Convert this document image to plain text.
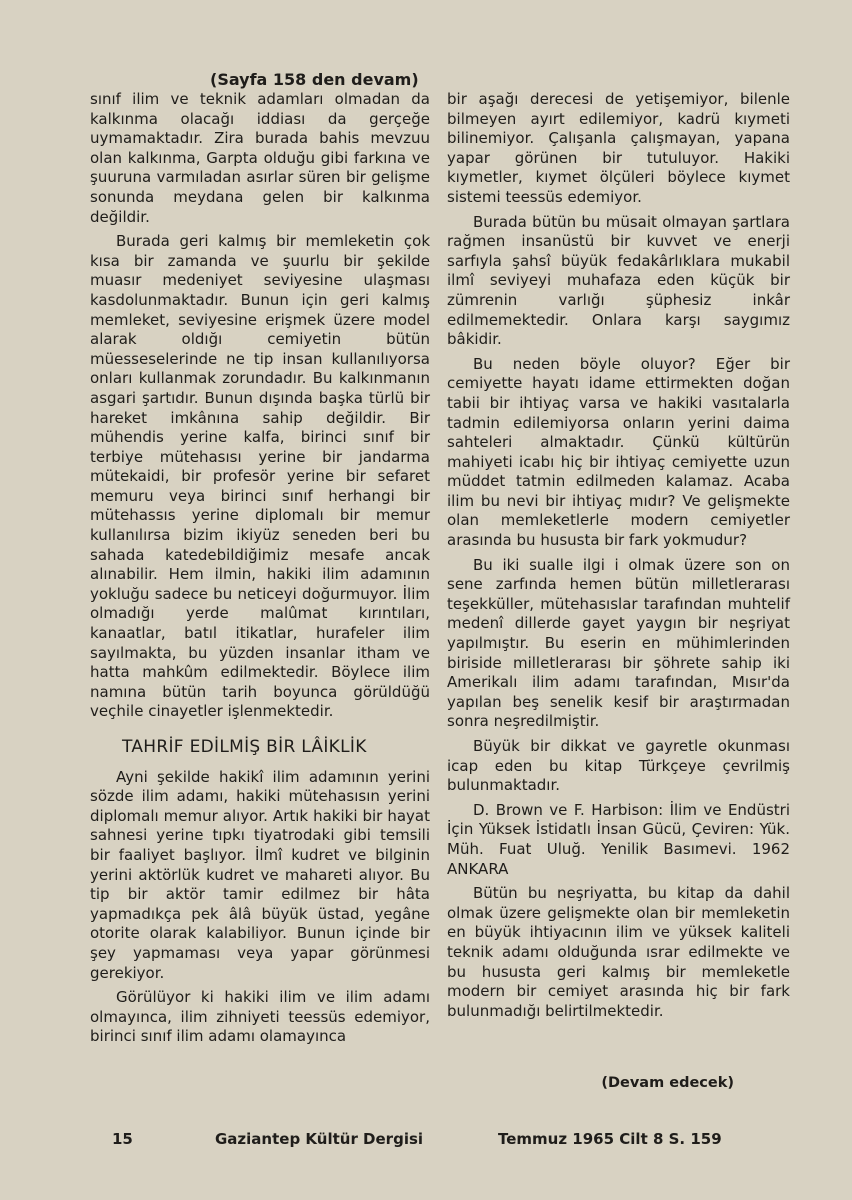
(Sayfa 158 den devam)

sınıf ilim ve teknik adamları olmadan da kalkınma olacağı iddiası da gerçeğe uymamaktadır. Zira burada bahis mevzuu olan kalkınma, Garpta olduğu gibi farkına ve şuuruna varmıladan asırlar süren bir gelişme sonunda meydana gelen bir kalkınma değildir.

Burada geri kalmış bir memleketin çok kısa bir zamanda ve şuurlu bir şekilde muasır medeniyet seviyesine ulaşması kasdolunmaktadır. Bunun için geri kalmış memleket, seviyesine erişmek üzere model alarak oldığı cemiyetin bütün müesseselerinde ne tip insan kullanılıyorsa onları kullanmak zorundadır. Bu kalkınmanın asgari şartıdır. Bunun dışında başka türlü bir hareket imkânına sahip değildir. Bir mühendis yerine kalfa, birinci sınıf bir terbiye mütehasısı yerine bir jandarma mütekaidi, bir profesör yerine bir sefaret memuru veya birinci sınıf herhangi bir mütehassıs yerine diplomalı bir memur kullanılırsa bizim ikiyüz seneden beri bu sahada katedebildiğimiz mesafe ancak alınabilir. Hem ilmin, hakiki ilim adamının yokluğu sadece bu neticeyi doğurmuyor. İlim olmadığı yerde malûmat kırıntıları, kanaatlar, batıl itikatlar, hurafeler ilim sayılmakta, bu yüzden insanlar itham ve hatta mahkûm edilmektedir. Böylece ilim namına bütün tarih boyunca görüldüğü veçhile cinayetler işlenmektedir.

TAHRİF EDİLMİŞ BİR LÂİKLİK

Ayni şekilde hakikî ilim adamının yerini sözde ilim adamı, hakiki mütehasısın yerini diplomalı memur alıyor. Artık hakiki bir hayat sahnesi yerine tıpkı tiyatrodaki gibi temsili bir faaliyet başlıyor. İlmî kudret ve bilginin yerini aktörlük kudret ve mahareti alıyor. Bu tip bir aktör tamir edilmez bir hâta yapmadıkça pek âlâ büyük üstad, yegâne otorite olarak kalabiliyor. Bunun içinde bir şey yapmaması veya yapar görünmesi gerekiyor.

Görülüyor ki hakiki ilim ve ilim adamı olmayınca, ilim zihniyeti teessüs edemiyor, birinci sınıf ilim adamı olamayınca

bir aşağı derecesi de yetişemiyor, bilenle bilmeyen ayırt edilemiyor, kadrü kıymeti bilinemiyor. Çalışanla çalışmayan, yapana yapar görünen bir tutuluyor. Hakiki kıymetler, kıymet ölçüleri böylece kıymet sistemi teessüs edemiyor.

Burada bütün bu müsait olmayan şartlara rağmen insanüstü bir kuvvet ve enerji sarfıyla şahsî büyük fedakârlıklara mukabil ilmî seviyeyi muhafaza eden küçük bir zümrenin varlığı şüphesiz inkâr edilmemektedir. Onlara karşı saygımız bâkidir.

Bu neden böyle oluyor? Eğer bir cemiyette hayatı idame ettirmekten doğan tabii bir ihtiyaç varsa ve hakiki vasıtalarla tadmin edilemiyorsa onların yerini daima sahteleri almaktadır. Çünkü kültürün mahiyeti icabı hiç bir ihtiyaç cemiyette uzun müddet tatmin edilmeden kalamaz. Acaba ilim bu nevi bir ihtiyaç mıdır? Ve gelişmekte olan memleketlerle modern cemiyetler arasında bu hususta bir fark yokmudur?

Bu iki sualle ilgi i olmak üzere son on sene zarfında hemen bütün milletlerarası teşekküller, mütehasıslar tarafından muhtelif medenî dillerde gayet yaygın bir neşriyat yapılmıştır. Bu eserin en mühimlerinden biriside milletlerarası bir şöhrete sahip iki Amerikalı ilim adamı tarafından, Mısır'da yapılan beş senelik kesif bir araştırmadan sonra neşredilmiştir.

Büyük bir dikkat ve gayretle okunması icap eden bu kitap Türkçeye çevrilmiş bulunmaktadır.

D. Brown ve F. Harbison: İlim ve Endüstri İçin Yüksek İstidatlı İnsan Gücü, Çeviren: Yük. Müh. Fuat Uluğ. Yenilik Basımevi. 1962 ANKARA

Bütün bu neşriyatta, bu kitap da dahil olmak üzere gelişmekte olan bir memleketin en büyük ihtiyacının ilim ve yüksek kaliteli teknik adamı olduğunda ısrar edilmekte ve bu hususta geri kalmış bir memleketle modern bir cemiyet arasında hiç bir fark bulunmadığı belirtilmektedir.

(Devam edecek)
15	Gaziantep Kültür Dergisi	Temmuz 1965 Cilt 8 S. 159
